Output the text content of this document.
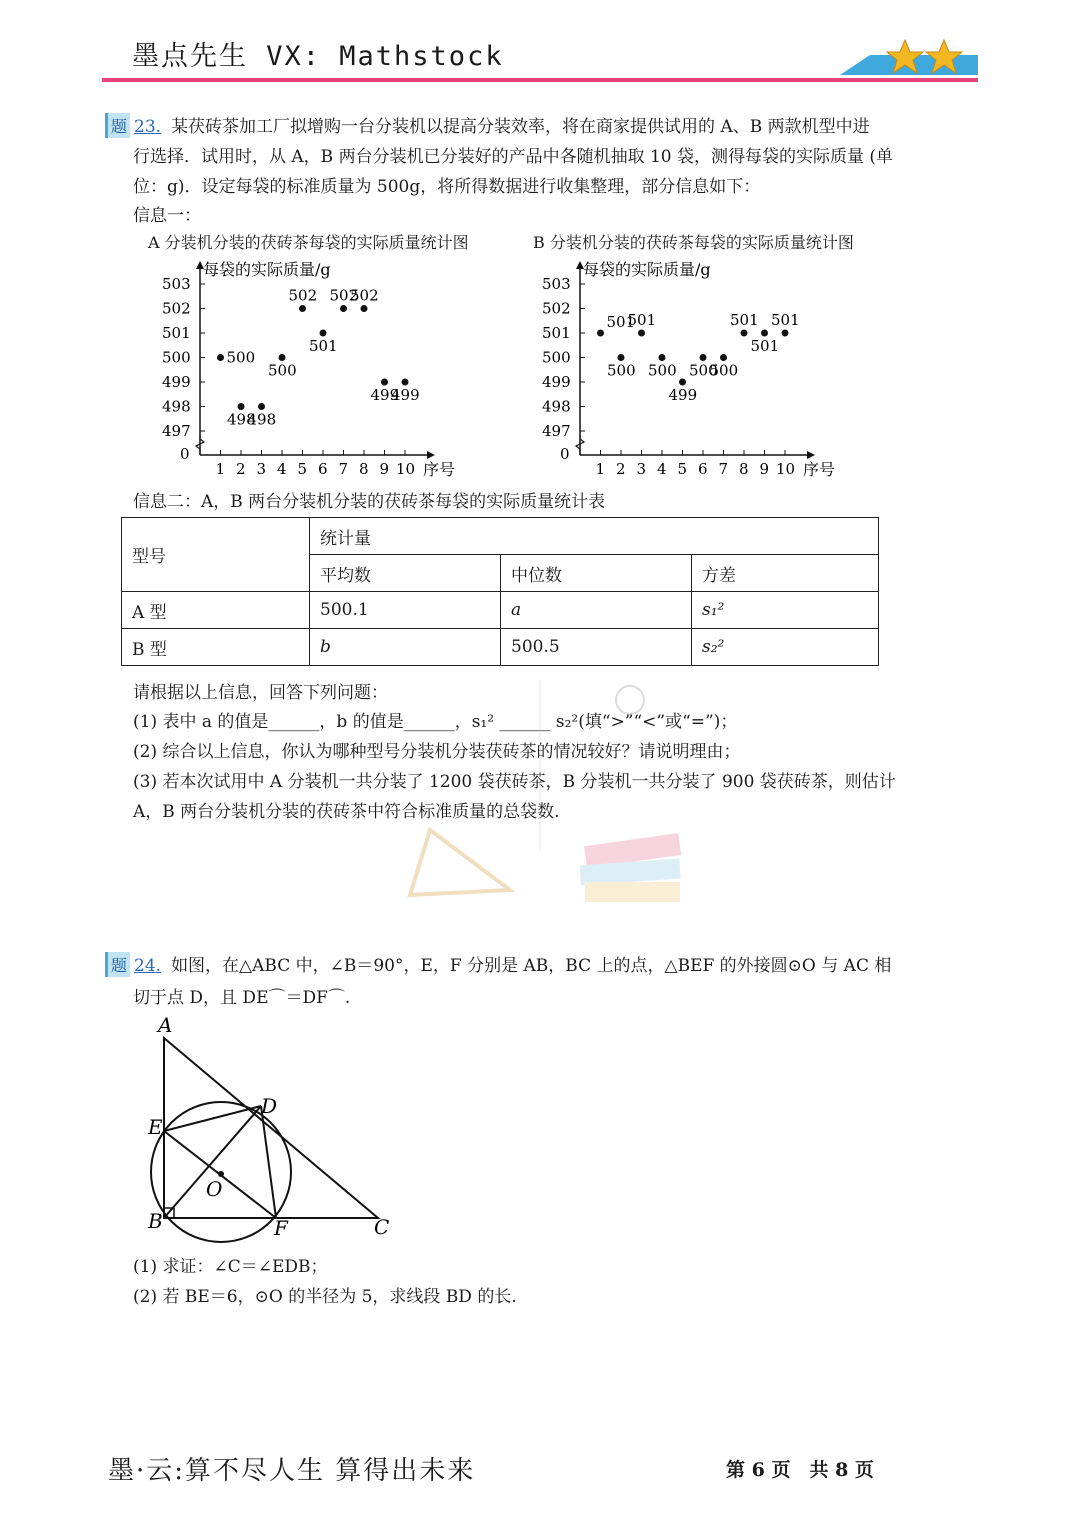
墨点先生 VX: Mathstock
题 23. 某茯砖茶加工厂拟增购一台分装机以提高分装效率，将在商家提供试用的 A、B 两款机型中进
行选择．试用时，从 A，B 两台分装机已分装好的产品中各随机抽取 10 袋，测得每袋的实际质量 (单
位：g)．设定每袋的标准质量为 500g，将所得数据进行收集整理，部分信息如下：
信息一：
A 分装机分装的茯砖茶每袋的实际质量统计图	B 分装机分装的茯砖茶每袋的实际质量统计图
0
497
498
499
500
501
502
503
1 2 3 4 5 6 7 8 9 10 序号
每袋的实际质量/g
500
498
498
500
502
501
502
502
499
499
0
497
498
499
500
501
502
503
1 2 3 4 5 6 7 8 9 10 序号
每袋的实际质量/g
501
500
501
500
499
500
500
501
501
501
信息二：A，B 两台分装机分装的茯砖茶每袋的实际质量统计表
型号	统计量		
	平均数	中位数	方差
A 型	500.1	a	s₁²
B 型	b	500.5	s₂²
请根据以上信息，回答下列问题：
(1) 表中 a 的值是______，b 的值是______，s₁² ______ s₂²(填“>”“<”或“=”)；
(2) 综合以上信息，你认为哪种型号分装机分装茯砖茶的情况较好？请说明理由；
(3) 若本次试用中 A 分装机一共分装了 1200 袋茯砖茶，B 分装机一共分装了 900 袋茯砖茶，则估计
A，B 两台分装机分装的茯砖茶中符合标准质量的总袋数.
题 24. 如图，在△ABC 中，∠B＝90°，E，F 分别是 AB，BC 上的点，△BEF 的外接圆⊙O 与 AC 相
切于点 D，且 DE⌒＝DF⌒.
A
E
B
D
F	C
O
(1) 求证：∠C＝∠EDB；
(2) 若 BE＝6，⊙O 的半径为 5，求线段 BD 的长.
墨·云:算不尽人生 算得出未来	第 6 页　共 8 页
